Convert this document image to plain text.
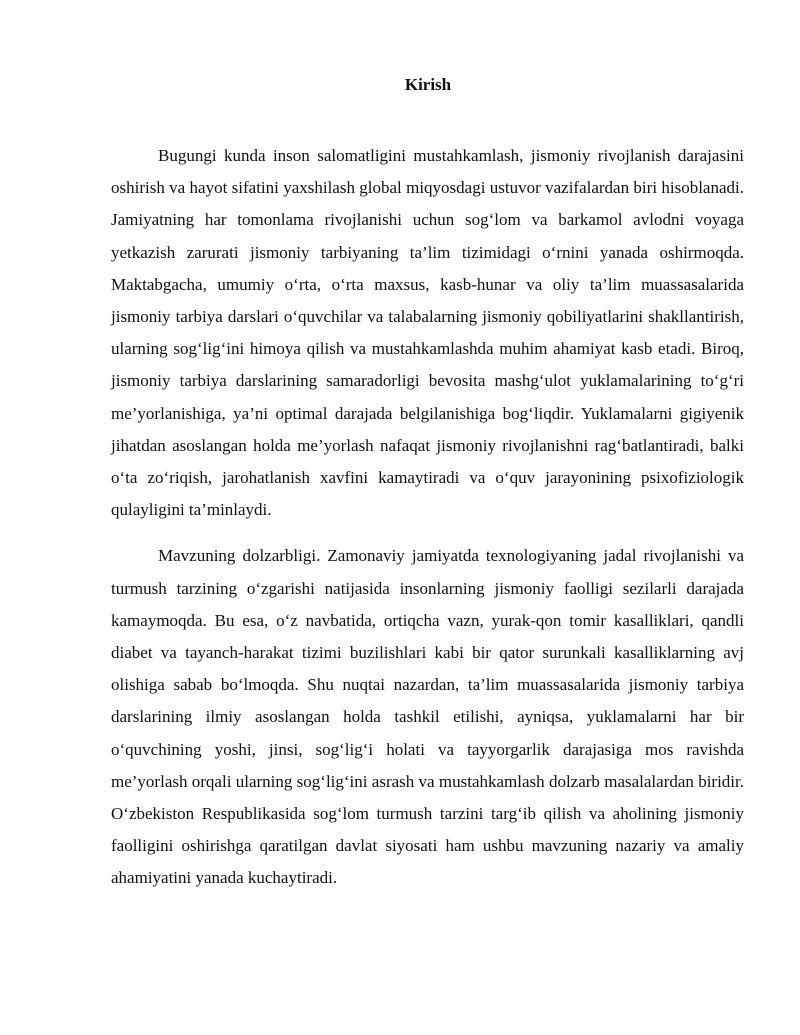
Kirish

Bugungi kunda inson salomatligini mustahkamlash, jismoniy rivojlanish darajasini oshirish va hayot sifatini yaxshilash global miqyosdagi ustuvor vazifalardan biri hisoblanadi. Jamiyatning har tomonlama rivojlanishi uchun sog‘lom va barkamol avlodni voyaga yetkazish zarurati jismoniy tarbiyaning ta’lim tizimidagi o‘rnini yanada oshirmoqda. Maktabgacha, umumiy o‘rta, o‘rta maxsus, kasb-hunar va oliy ta’lim muassasalarida jismoniy tarbiya darslari o‘quvchilar va talabalarning jismoniy qobiliyatlarini shakllantirish, ularning sog‘lig‘ini himoya qilish va mustahkamlashda muhim ahamiyat kasb etadi. Biroq, jismoniy tarbiya darslarining samaradorligi bevosita mashg‘ulot yuklamalarining to‘g‘ri me’yorlanishiga, ya’ni optimal darajada belgilanishiga bog‘liqdir. Yuklamalarni gigiyenik jihatdan asoslangan holda me’yorlash nafaqat jismoniy rivojlanishni rag‘batlantiradi, balki o‘ta zo‘riqish, jarohatlanish xavfini kamaytiradi va o‘quv jarayonining psixofiziologik qulayligini ta’minlaydi.

Mavzuning dolzarbligi. Zamonaviy jamiyatda texnologiyaning jadal rivojlanishi va turmush tarzining o‘zgarishi natijasida insonlarning jismoniy faolligi sezilarli darajada kamaymoqda. Bu esa, o‘z navbatida, ortiqcha vazn, yurak-qon tomir kasalliklari, qandli diabet va tayanch-harakat tizimi buzilishlari kabi bir qator surunkali kasalliklarning avj olishiga sabab bo‘lmoqda. Shu nuqtai nazardan, ta’lim muassasalarida jismoniy tarbiya darslarining ilmiy asoslangan holda tashkil etilishi, ayniqsa, yuklamalarni har bir o‘quvchining yoshi, jinsi, sog‘lig‘i holati va tayyorgarlik darajasiga mos ravishda me’yorlash orqali ularning sog‘lig‘ini asrash va mustahkamlash dolzarb masalalardan biridir. O‘zbekiston Respublikasida sog‘lom turmush tarzini targ‘ib qilish va aholining jismoniy faolligini oshirishga qaratilgan davlat siyosati ham ushbu mavzuning nazariy va amaliy ahamiyatini yanada kuchaytiradi.
